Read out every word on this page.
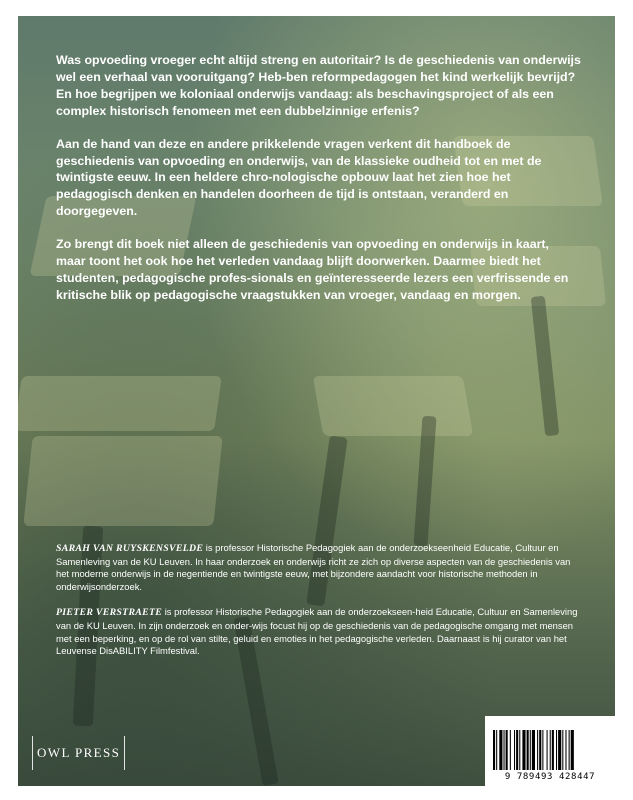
Was opvoeding vroeger echt altijd streng en autoritair? Is de geschiedenis van onderwijs wel een verhaal van vooruitgang? Heb-ben reformpedagogen het kind werkelijk bevrijd? En hoe begrijpen we koloniaal onderwijs vandaag: als beschavingsproject of als een complex historisch fenomeen met een dubbelzinnige erfenis?

Aan de hand van deze en andere prikkelende vragen verkent dit handboek de geschiedenis van opvoeding en onderwijs, van de klassieke oudheid tot en met de twintigste eeuw. In een heldere chro-nologische opbouw laat het zien hoe het pedagogisch denken en handelen doorheen de tijd is ontstaan, veranderd en doorgegeven.

Zo brengt dit boek niet alleen de geschiedenis van opvoeding en onderwijs in kaart, maar toont het ook hoe het verleden vandaag blijft doorwerken. Daarmee biedt het studenten, pedagogische profes-sionals en geïnteresseerde lezers een verfrissende en kritische blik op pedagogische vraagstukken van vroeger, vandaag en morgen.

SARAH VAN RUYSKENSVELDE is professor Historische Pedagogiek aan de onderzoekseenheid Educatie, Cultuur en Samenleving van de KU Leuven. In haar onderzoek en onderwijs richt ze zich op diverse aspecten van de geschiedenis van het moderne onderwijs in de negentiende en twintigste eeuw, met bijzondere aandacht voor historische methoden in onderwijsonderzoek.

PIETER VERSTRAETE is professor Historische Pedagogiek aan de onderzoekseen-heid Educatie, Cultuur en Samenleving van de KU Leuven. In zijn onderzoek en onder-wijs focust hij op de geschiedenis van de pedagogische omgang met mensen met een beperking, en op de rol van stilte, geluid en emoties in het pedagogische verleden. Daarnaast is hij curator van het Leuvense DisABILITY Filmfestival.

OWL PRESS
9 789493 428447
